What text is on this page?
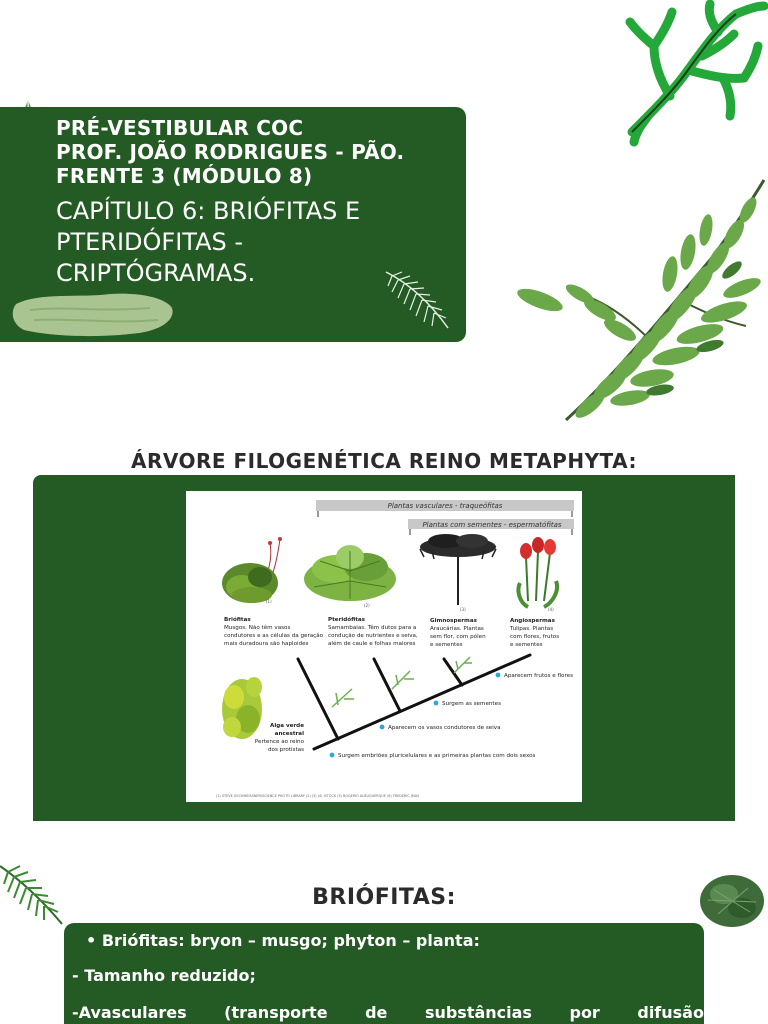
PRÉ-VESTIBULAR COC
PROF. JOÃO RODRIGUES - PÃO.
FRENTE 3 (MÓDULO 8)
CAPÍTULO 6: BRIÓFITAS E
PTERIDÓFITAS -
CRIPTÓGRAMAS.
ÁRVORE FILOGENÉTICA REINO METAPHYTA:
Plantas vasculares - traqueófitas
Plantas com sementes - espermatófitas
(1)
(2)
(3)	(4)
Briófitas
Musgos. Não têm vasos
condutores e as células da geração
mais duradoura são haploides
Pteridófitas
Samambaias. Têm dutos para a
condução de nutrientes e seiva,
além de caule e folhas maiores
Gimnospermas
Araucárias. Plantas
sem flor, com pólen
e sementes
Angiospermas
Tulipas. Plantas
com flores, frutos
e sementes
Aparecem frutos e flores
Surgem as sementes
Aparecem os vasos condutores de seiva
Surgem embriões pluricelulares e as primeiras plantas com dois sexos
Alga verde
ancestral
Pertence ao reino
dos protistas
(1) STEVE GSCHMEISSNER/SCIENCE PHOTO LIBRARY (2) (3) (4) ISTOCK (5) ROGERIO ALBUQUERQUE (6) FREDERIC JEAN
BRIÓFITAS:
• Briófitas: bryon – musgo; phyton – planta:
- Tamanho reduzido;
-Avasculares (transporte de substâncias por difusão
